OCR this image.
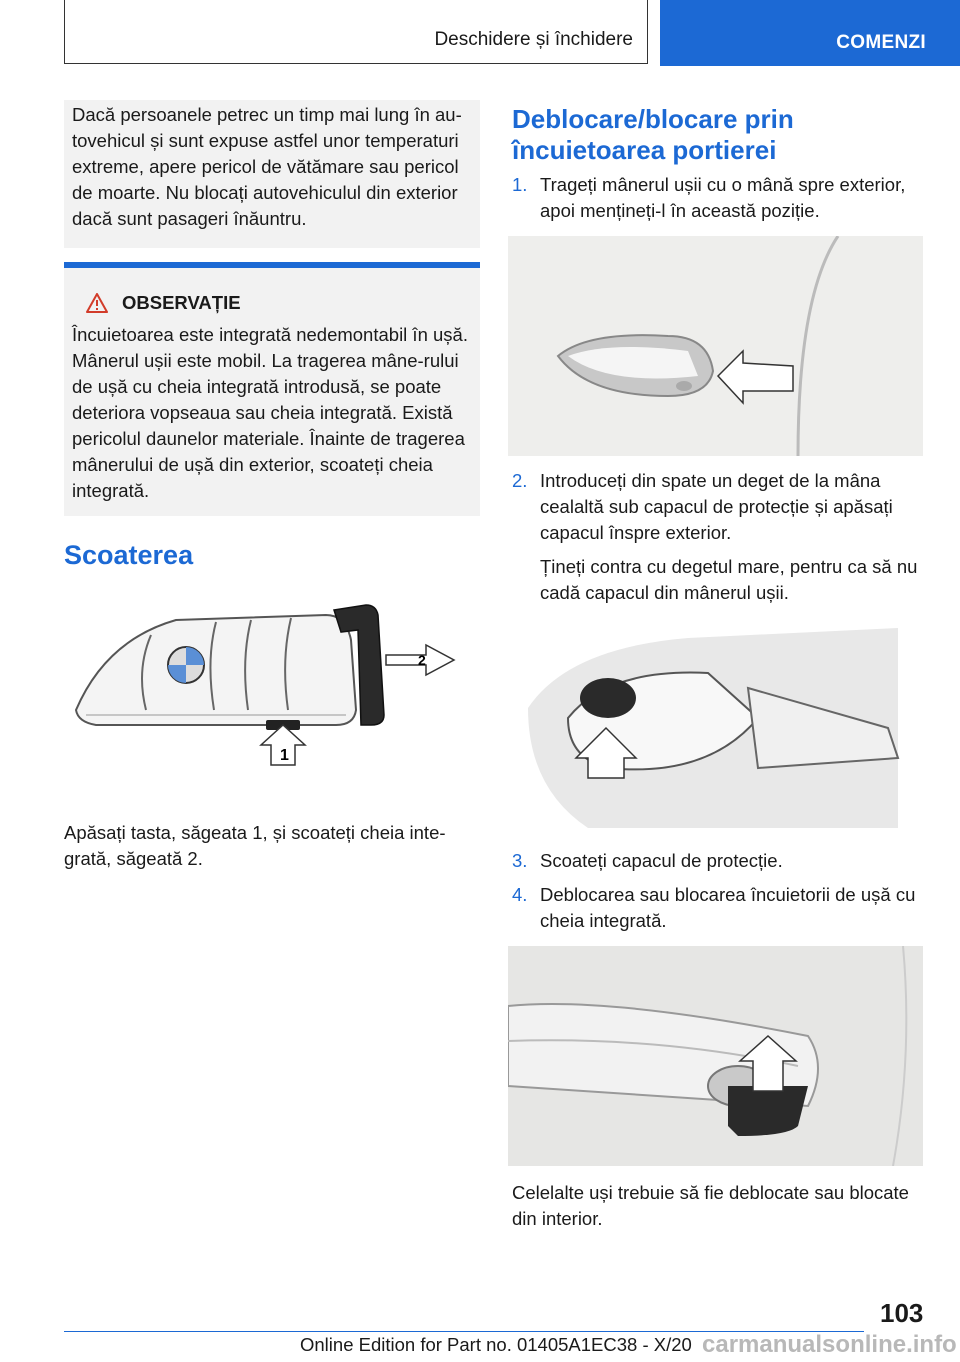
Deschidere și închidere	COMENZI
Dacă persoanele petrec un timp mai lung în au-tovehicul și sunt expuse astfel unor temperaturi extreme, apere pericol de vătămare sau pericol de moarte. Nu blocați autovehiculul din exterior dacă sunt pasageri înăuntru.
OBSERVAȚIE
Încuietoarea este integrată nedemontabil în ușă. Mânerul ușii este mobil. La tragerea mâne-rului de ușă cu cheia integrată introdusă, se poate deteriora vopseaua sau cheia integrată. Există pericolul daunelor materiale. Înainte de tragerea mânerului de ușă din exterior, scoateți cheia integrată.
Scoaterea
2
1
Apăsați tasta, săgeata 1, și scoateți cheia inte-grată, săgeată 2.
Deblocare/blocare prin încuietoarea portierei
1. Trageți mânerul ușii cu o mână spre exterior, apoi mențineți-l în această poziție.
2. Introduceți din spate un deget de la mâna cealaltă sub capacul de protecție și apăsați capacul înspre exterior.
Țineți contra cu degetul mare, pentru ca să nu cadă capacul din mânerul ușii.
3. Scoateți capacul de protecție.
4. Deblocarea sau blocarea încuietorii de ușă cu cheia integrată.
Celelalte uși trebuie să fie deblocate sau blocate din interior.
103
Online Edition for Part no. 01405A1EC38 - X/20 carmanualsonline.info
